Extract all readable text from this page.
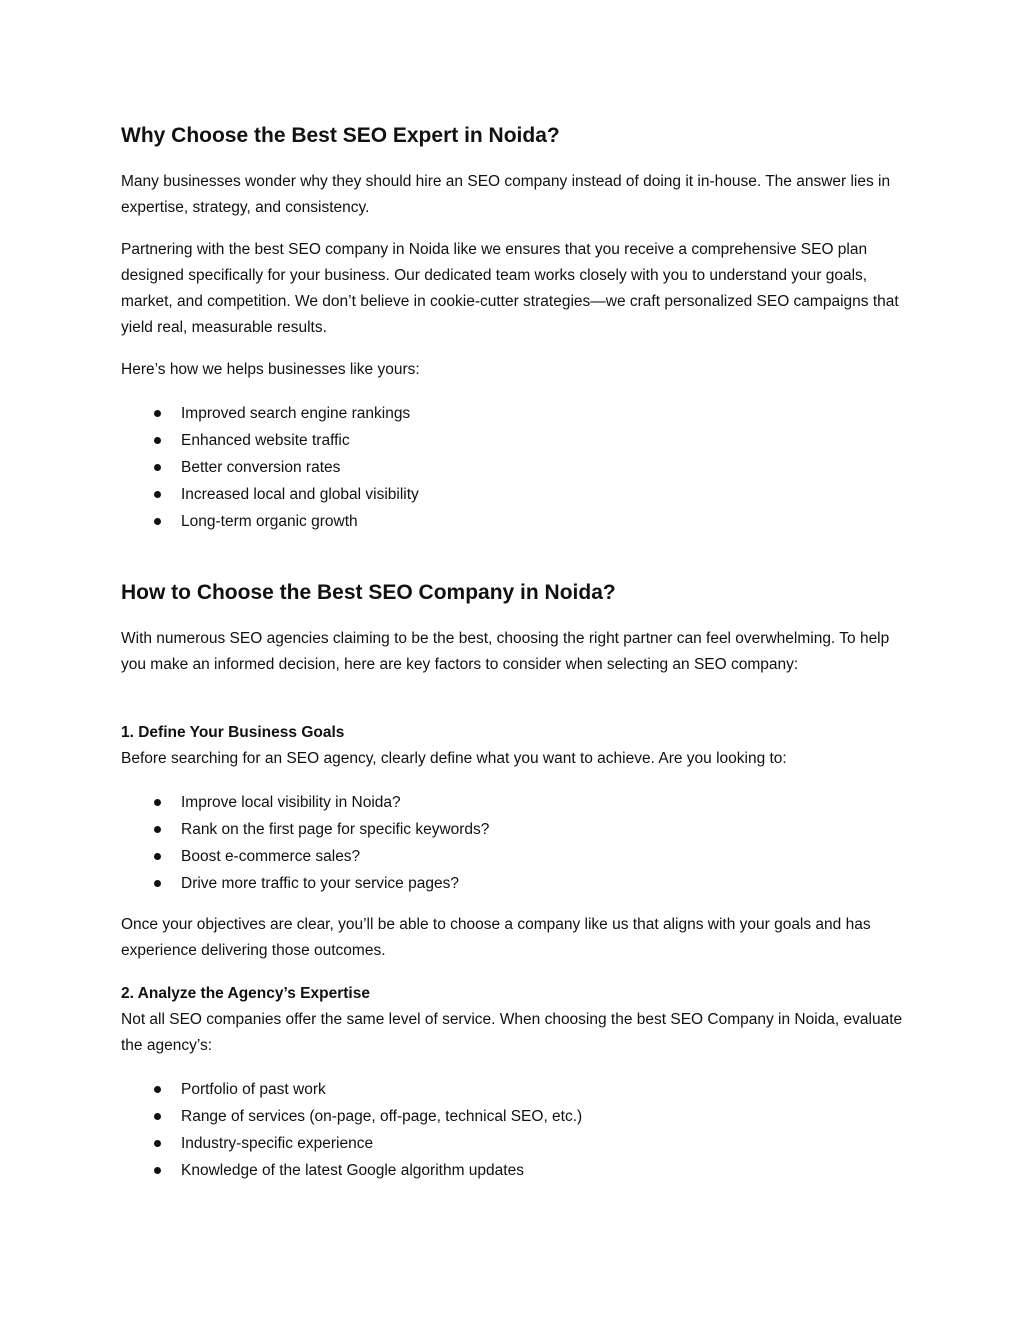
Why Choose the Best SEO Expert in Noida?

Many businesses wonder why they should hire an SEO company instead of doing it in-house. The answer lies in expertise, strategy, and consistency.

Partnering with the best SEO company in Noida like we ensures that you receive a comprehensive SEO plan designed specifically for your business. Our dedicated team works closely with you to understand your goals, market, and competition. We don’t believe in cookie-cutter strategies—we craft personalized SEO campaigns that yield real, measurable results.

Here’s how we helps businesses like yours:

Improved search engine rankings
Enhanced website traffic
Better conversion rates
Increased local and global visibility
Long-term organic growth
How to Choose the Best SEO Company in Noida?

With numerous SEO agencies claiming to be the best, choosing the right partner can feel overwhelming. To help you make an informed decision, here are key factors to consider when selecting an SEO company:

1. Define Your Business Goals

Before searching for an SEO agency, clearly define what you want to achieve. Are you looking to:

Improve local visibility in Noida?
Rank on the first page for specific keywords?
Boost e-commerce sales?
Drive more traffic to your service pages?

Once your objectives are clear, you’ll be able to choose a company like us that aligns with your goals and has experience delivering those outcomes.

2. Analyze the Agency’s Expertise

Not all SEO companies offer the same level of service. When choosing the best SEO Company in Noida, evaluate the agency’s:

Portfolio of past work
Range of services (on-page, off-page, technical SEO, etc.)
Industry-specific experience
Knowledge of the latest Google algorithm updates
